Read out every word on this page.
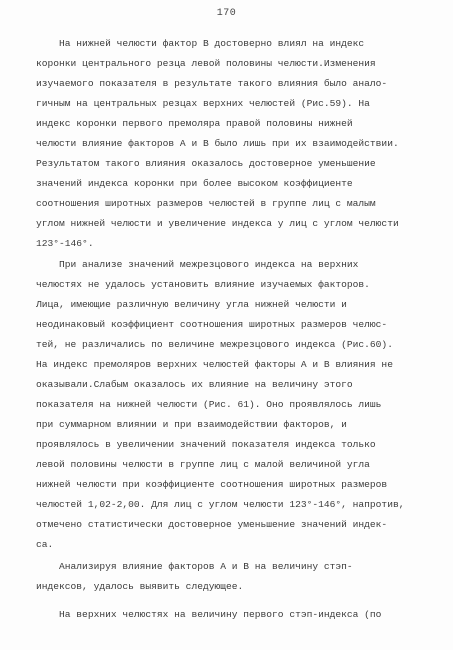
170
На нижней челюсти фактор В достоверно влиял на индекс
коронки центрального резца левой половины челюсти.Изменения
изучаемого показателя в результате такого влияния было анало-
гичным на центральных резцах верхних челюстей (Рис.59). На
индекс коронки первого премоляра правой половины нижней
челюсти влияние факторов А и В было лишь при их взаимодействии.
Результатом такого влияния оказалось достоверное уменьшение
значений индекса коронки при более высоком коэффициенте
соотношения широтных размеров челюстей в группе лиц с малым
углом нижней челюсти и увеличение индекса у лиц с углом челюсти
123°-146°.
При анализе значений межрезцового индекса на верхних
челюстях не удалось установить влияние изучаемых факторов.
Лица, имеющие различную величину угла нижней челюсти и
неодинаковый коэффициент соотношения широтных размеров челюс-
тей, не различались по величине межрезцового индекса (Рис.60).
На индекс премоляров верхних челюстей факторы А и В влияния не
оказывали.Слабым оказалось их влияние на величину этого
показателя на нижней челюсти (Рис. 61). Оно проявлялось лишь
при суммарном влиянии и при взаимодействии факторов, и
проявлялось в увеличении значений показателя индекса только
левой половины челюсти в группе лиц с малой величиной угла
нижней челюсти при коэффициенте соотношения широтных размеров
челюстей 1,02-2,00. Для лиц с углом челюсти 123°-146°, напротив,
отмечено статистически достоверное уменьшение значений индек-
са.
Анализируя влияние факторов А и В на величину стэп-
индексов, удалось выявить следующее.
На верхних челюстях на величину первого стэп-индекса (по
